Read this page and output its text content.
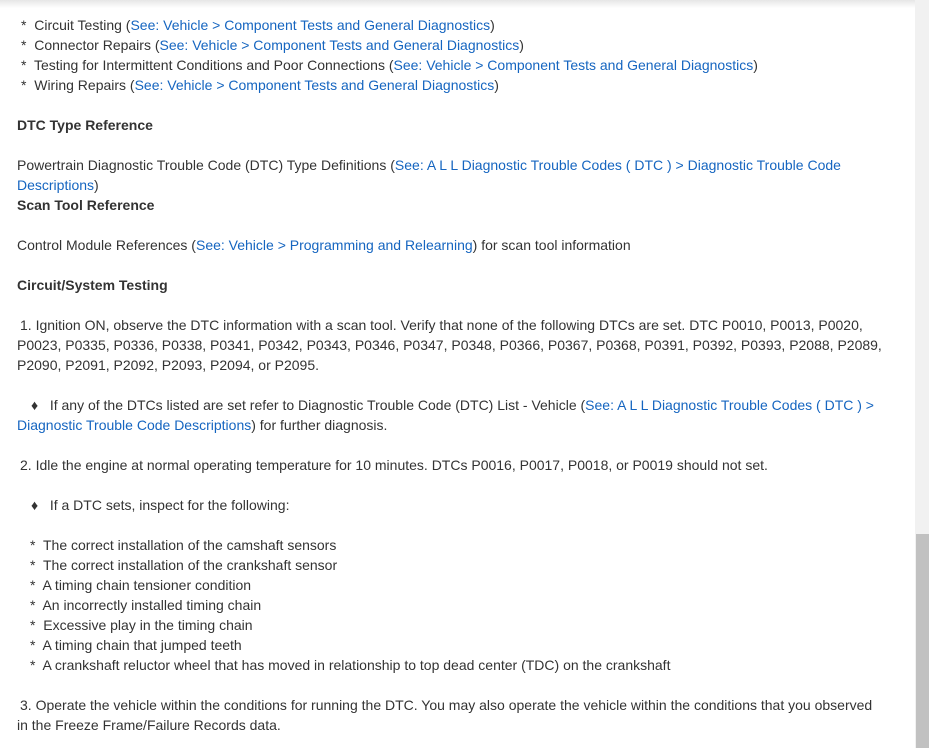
* Circuit Testing (See: Vehicle > Component Tests and General Diagnostics)
* Connector Repairs (See: Vehicle > Component Tests and General Diagnostics)
* Testing for Intermittent Conditions and Poor Connections (See: Vehicle > Component Tests and General Diagnostics)
* Wiring Repairs (See: Vehicle > Component Tests and General Diagnostics)
DTC Type Reference
Powertrain Diagnostic Trouble Code (DTC) Type Definitions (See: A L L Diagnostic Trouble Codes ( DTC ) > Diagnostic Trouble Code
Descriptions)
Scan Tool Reference
Control Module References (See: Vehicle > Programming and Relearning) for scan tool information
Circuit/System Testing
1. Ignition ON, observe the DTC information with a scan tool. Verify that none of the following DTCs are set. DTC P0010, P0013, P0020,
P0023, P0335, P0336, P0338, P0341, P0342, P0343, P0346, P0347, P0348, P0366, P0367, P0368, P0391, P0392, P0393, P2088, P2089,
P2090, P2091, P2092, P2093, P2094, or P2095.
♦ If any of the DTCs listed are set refer to Diagnostic Trouble Code (DTC) List - Vehicle (See: A L L Diagnostic Trouble Codes ( DTC ) >
Diagnostic Trouble Code Descriptions) for further diagnosis.
2. Idle the engine at normal operating temperature for 10 minutes. DTCs P0016, P0017, P0018, or P0019 should not set.
♦ If a DTC sets, inspect for the following:
* The correct installation of the camshaft sensors
* The correct installation of the crankshaft sensor
* A timing chain tensioner condition
* An incorrectly installed timing chain
* Excessive play in the timing chain
* A timing chain that jumped teeth
* A crankshaft reluctor wheel that has moved in relationship to top dead center (TDC) on the crankshaft
3. Operate the vehicle within the conditions for running the DTC. You may also operate the vehicle within the conditions that you observed
in the Freeze Frame/Failure Records data.
